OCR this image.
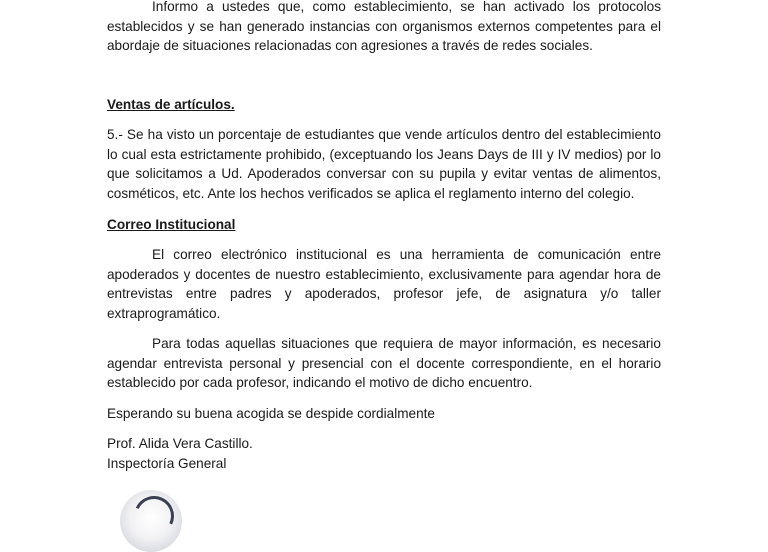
Informo a ustedes que, como establecimiento, se han activado los protocolos establecidos y se han generado instancias con organismos externos competentes para el abordaje de situaciones relacionadas con agresiones a través de redes sociales.
Ventas de artículos.
5.- Se ha visto un porcentaje de estudiantes que vende artículos dentro del establecimiento lo cual esta estrictamente prohibido, (exceptuando los Jeans Days de III y IV medios) por lo que solicitamos a Ud. Apoderados conversar con su pupila y evitar ventas de alimentos, cosméticos, etc. Ante los hechos verificados se aplica el reglamento interno del colegio.
Correo Institucional
El correo electrónico institucional es una herramienta de comunicación entre apoderados y docentes de nuestro establecimiento, exclusivamente para agendar hora de entrevistas entre padres y apoderados, profesor jefe, de asignatura y/o taller extraprogramático.
Para todas aquellas situaciones que requiera de mayor información, es necesario agendar entrevista personal y presencial con el docente correspondiente, en el horario establecido por cada profesor, indicando el motivo de dicho encuentro.
Esperando su buena acogida se despide cordialmente
Prof. Alida Vera Castillo.
Inspectoría General
